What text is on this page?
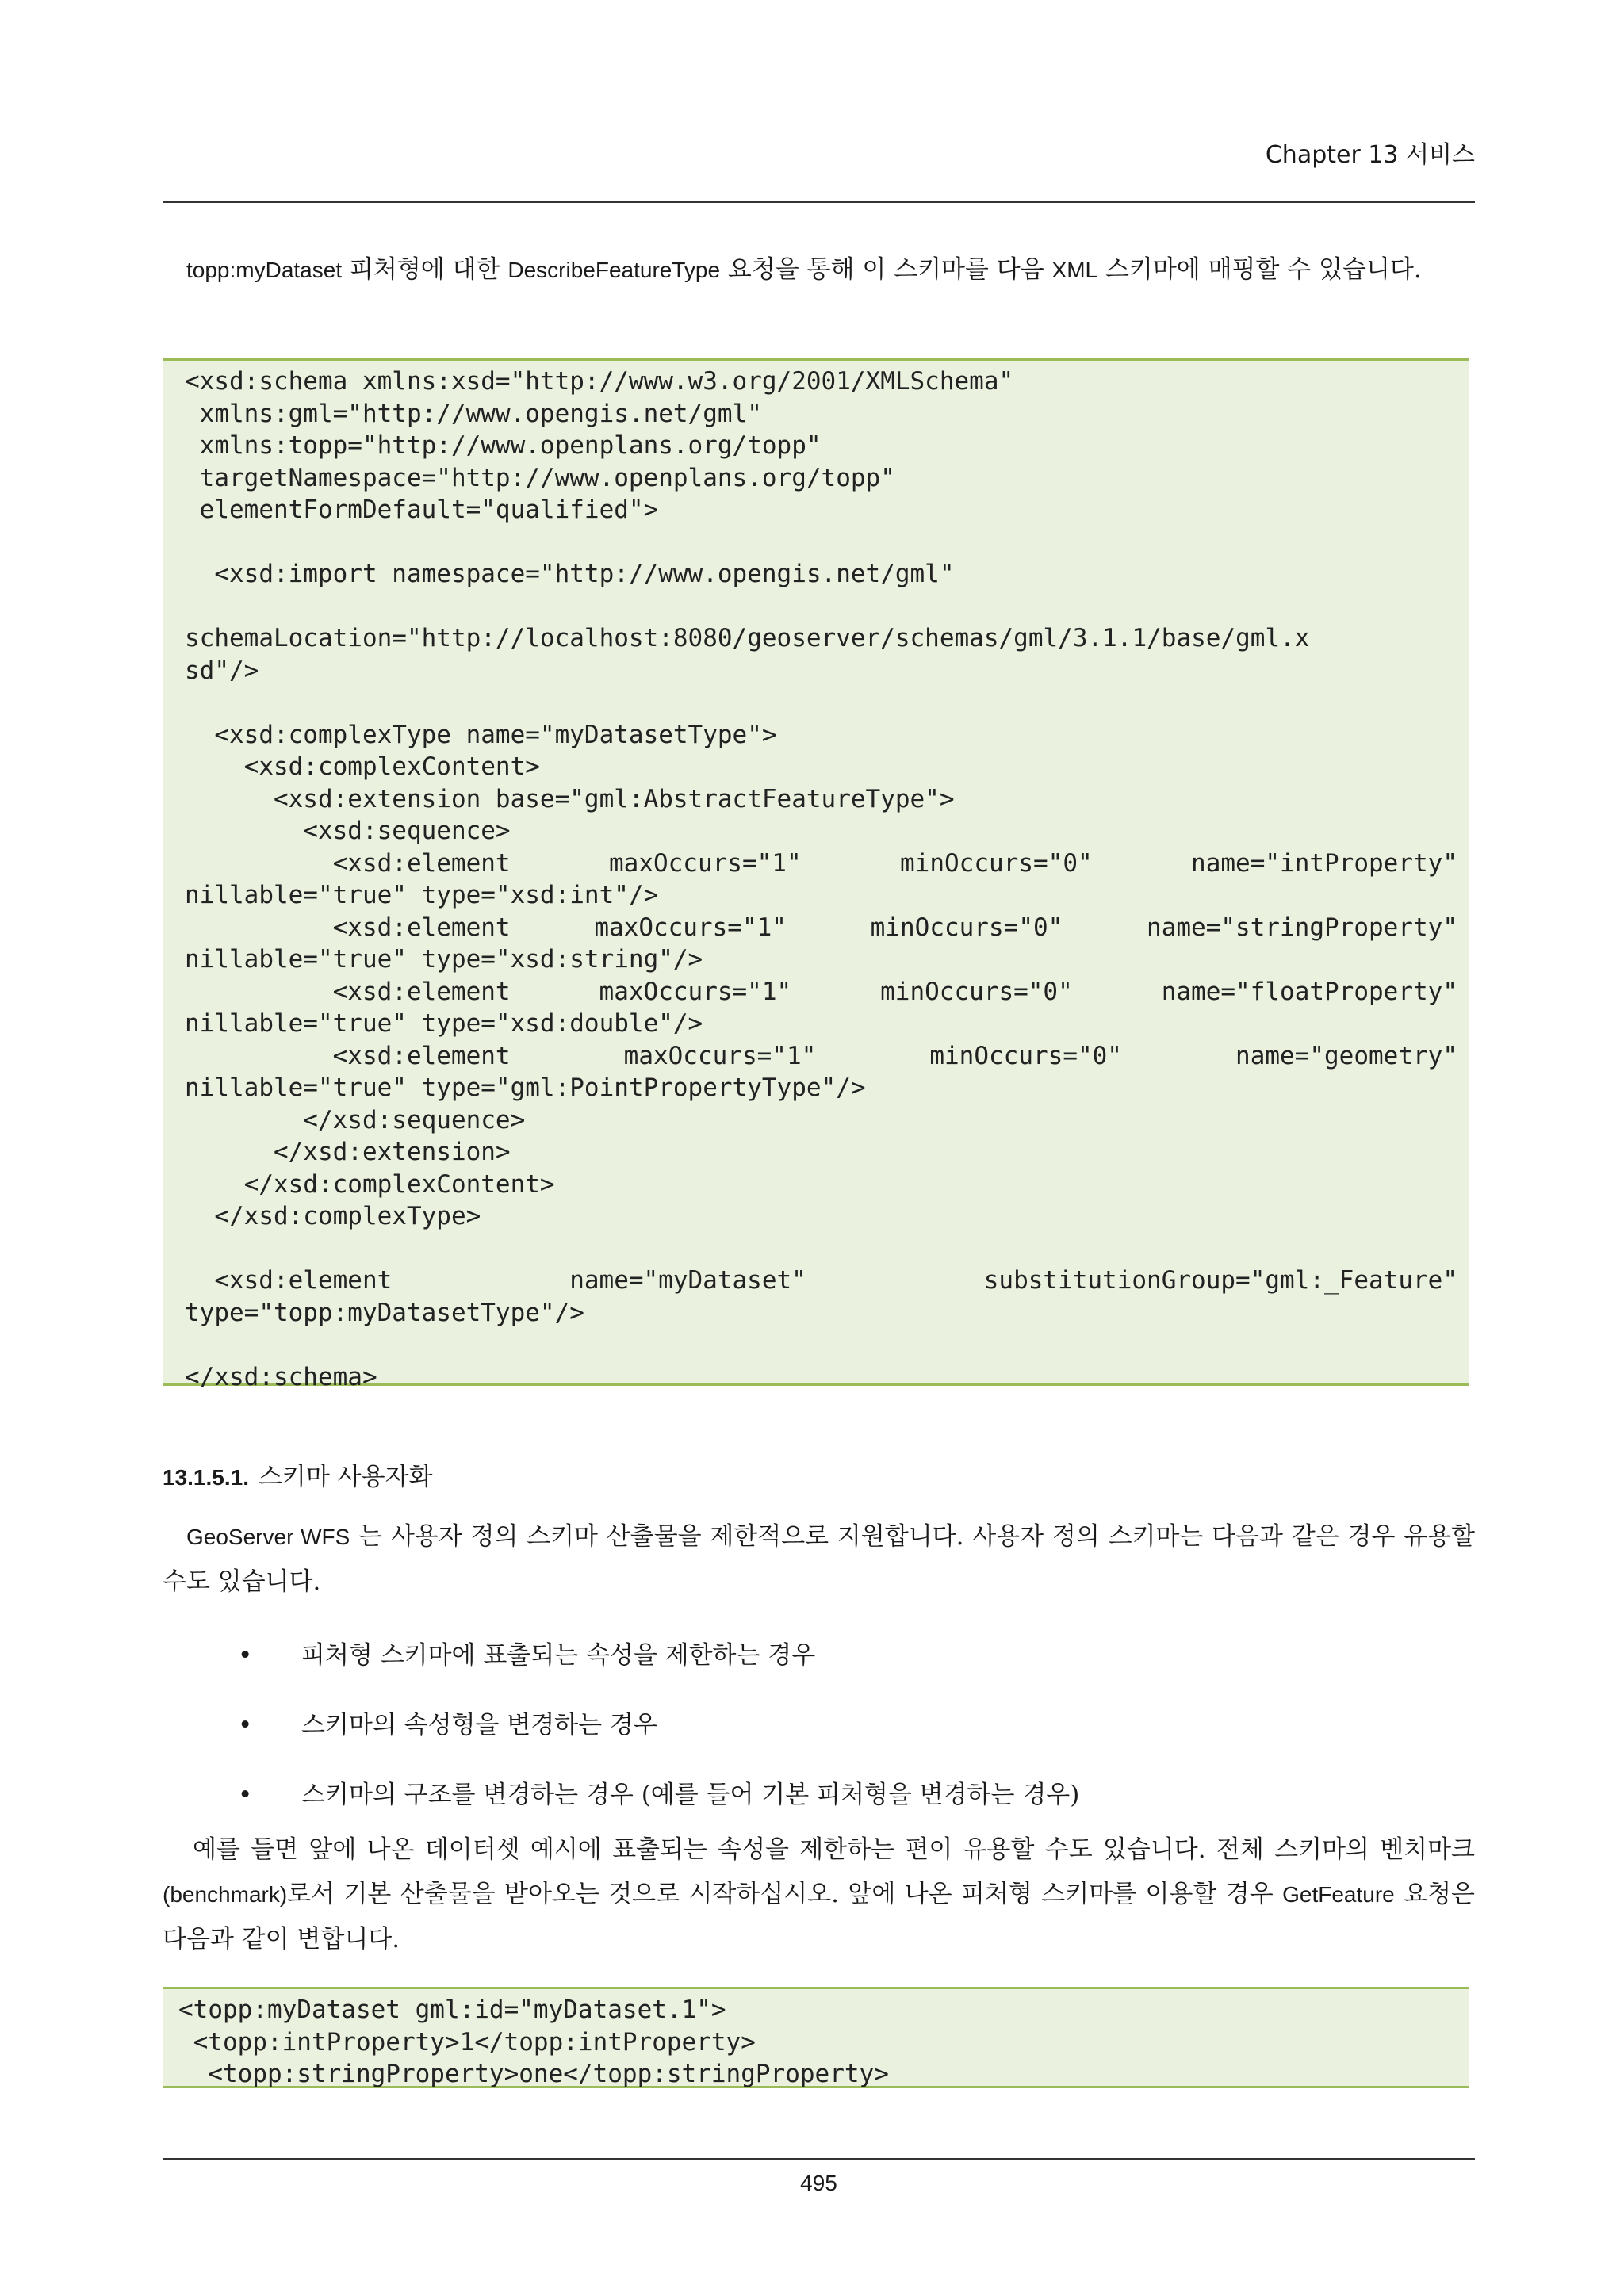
Chapter 13 서비스

topp:myDataset 피처형에 대한 DescribeFeatureType 요청을 통해 이 스키마를 다음 XML 스키마에 매핑할 수 있습니다.

<xsd:schema xmlns:xsd="http://www.w3.org/2001/XMLSchema"
xmlns:gml="http://www.opengis.net/gml"
xmlns:topp="http://www.openplans.org/topp"
targetNamespace="http://www.openplans.org/topp"
elementFormDefault="qualified">
<xsd:import namespace="http://www.opengis.net/gml"
schemaLocation="http://localhost:8080/geoserver/schemas/gml/3.1.1/base/gml.x
sd"/>
<xsd:complexType name="myDatasetType">
<xsd:complexContent>
<xsd:extension base="gml:AbstractFeatureType">
<xsd:sequence>
<xsd:element maxOccurs="1" minOccurs="0" name="intProperty"
nillable="true" type="xsd:int"/>
<xsd:element maxOccurs="1" minOccurs="0" name="stringProperty"
nillable="true" type="xsd:string"/>
<xsd:element maxOccurs="1" minOccurs="0" name="floatProperty"
nillable="true" type="xsd:double"/>
<xsd:element maxOccurs="1" minOccurs="0" name="geometry"
nillable="true" type="gml:PointPropertyType"/>
</xsd:sequence>
</xsd:extension>
</xsd:complexContent>
</xsd:complexType>
<xsd:element name="myDataset" substitutionGroup="gml:_Feature"
type="topp:myDatasetType"/>
</xsd:schema>

13.1.5.1. 스키마 사용자화

GeoServer WFS 는 사용자 정의 스키마 산출물을 제한적으로 지원합니다. 사용자 정의 스키마는 다음과 같은 경우 유용할 수도 있습니다.

• 피처형 스키마에 표출되는 속성을 제한하는 경우
• 스키마의 속성형을 변경하는 경우
• 스키마의 구조를 변경하는 경우 (예를 들어 기본 피처형을 변경하는 경우)

예를 들면 앞에 나온 데이터셋 예시에 표출되는 속성을 제한하는 편이 유용할 수도 있습니다. 전체 스키마의 벤치마크(benchmark)로서 기본 산출물을 받아오는 것으로 시작하십시오. 앞에 나온 피처형 스키마를 이용할 경우 GetFeature 요청은 다음과 같이 변합니다.

<topp:myDataset gml:id="myDataset.1">
<topp:intProperty>1</topp:intProperty>
<topp:stringProperty>one</topp:stringProperty>
495
